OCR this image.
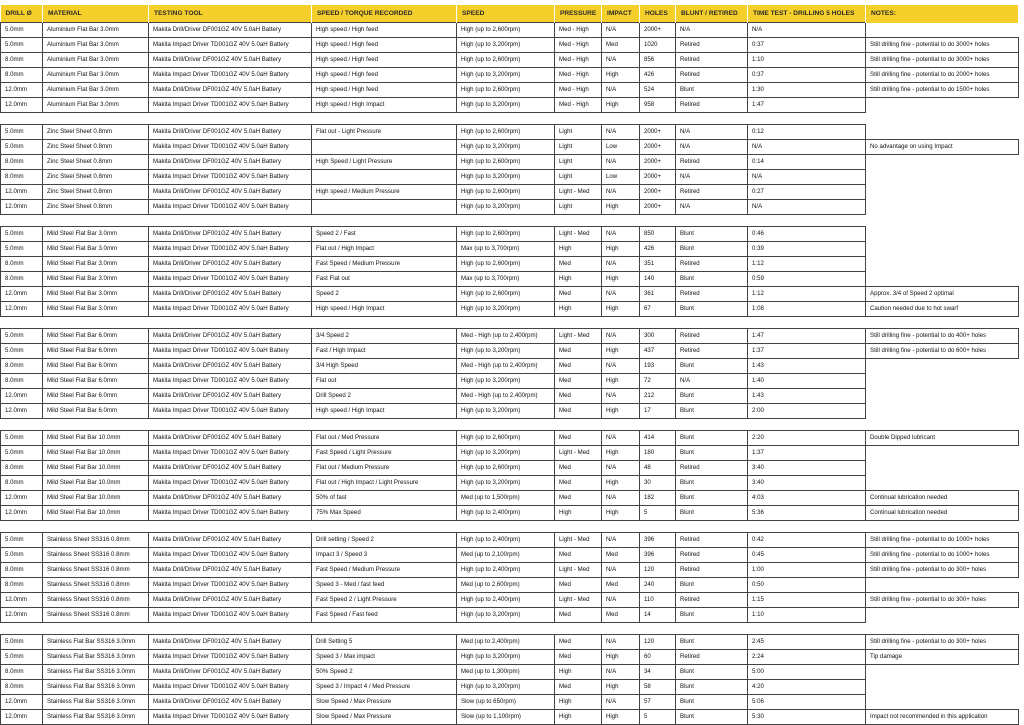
DRILL Ø	MATERIAL	TESTING TOOL	SPEED / TORQUE RECORDED	SPEED	PRESSURE	IMPACT	HOLES	BLUNT / RETIRED	TIME TEST - DRILLING 5 HOLES	NOTES:
5.0mm	Aluminium Flat Bar 3.0mm	Makita Drill/Driver DF001GZ 40V 5.0aH Battery	High speed / High feed	High (up to 2,600rpm)	Med - High	N/A	2000+	N/A	N/A	
5.0mm	Aluminium Flat Bar 3.0mm	Makita Impact Driver TD001GZ 40V 5.0aH Battery	High speed / High feed	High (up to 3,200rpm)	Med - High	Med	1020	Retired	0:37	Still drilling fine - potential to do 3000+ holes
8.0mm	Aluminium Flat Bar 3.0mm	Makita Drill/Driver DF001GZ 40V 5.0aH Battery	High speed / High feed	High (up to 2,600rpm)	Med - High	N/A	856	Retired	1:10	Still drilling fine - potential to do 3000+ holes
8.0mm	Aluminium Flat Bar 3.0mm	Makita Impact Driver TD001GZ 40V 5.0aH Battery	High speed / High feed	High (up to 3,200rpm)	Med - High	High	426	Retired	0:37	Still drilling fine - potential to do 2000+ holes
12.0mm	Aluminium Flat Bar 3.0mm	Makita Drill/Driver DF001GZ 40V 5.0aH Battery	High speed / High feed	High (up to 2,600rpm)	Med - High	N/A	524	Blunt	1:30	Still drilling fine - potential to do 1500+ holes
12.0mm	Aluminium Flat Bar 3.0mm	Makita Impact Driver TD001GZ 40V 5.0aH Battery	High speed / High Impact	High (up to 3,200rpm)	Med - High	High	958	Retired	1:47	

5.0mm	Zinc Steel Sheet 0.8mm	Makita Drill/Driver DF001GZ 40V 5.0aH Battery	Flat out - Light Pressure	High (up to 2,600rpm)	Light	N/A	2000+	N/A	0:12	
5.0mm	Zinc Steel Sheet 0.8mm	Makita Impact Driver TD001GZ 40V 5.0aH Battery		High (up to 3,200rpm)	Light	Low	2000+	N/A	N/A	No advantage on using Impact
8.0mm	Zinc Steel Sheet 0.8mm	Makita Drill/Driver DF001GZ 40V 5.0aH Battery	High Speed / Light Pressure	High (up to 2,600rpm)	Light	N/A	2000+	Retired	0:14	
8.0mm	Zinc Steel Sheet 0.8mm	Makita Impact Driver TD001GZ 40V 5.0aH Battery		High (up to 3,200rpm)	Light	Low	2000+	N/A	N/A	
12.0mm	Zinc Steel Sheet 0.8mm	Makita Drill/Driver DF001GZ 40V 5.0aH Battery	High speed / Medium Pressure	High (up to 2,600rpm)	Light - Med	N/A	2000+	Retired	0:27	
12.0mm	Zinc Steel Sheet 0.8mm	Makita Impact Driver TD001GZ 40V 5.0aH Battery		High (up to 3,200rpm)	Light	High	2000+	N/A	N/A	

5.0mm	Mild Steel Flat Bar 3.0mm	Makita Drill/Driver DF001GZ 40V 5.0aH Battery	Speed 2 / Fast	High (up to 2,600rpm)	Light - Med	N/A	850	Blunt	0:46	
5.0mm	Mild Steel Flat Bar 3.0mm	Makita Impact Driver TD001GZ 40V 5.0aH Battery	Flat out / High Impact	Max (up to 3,700rpm)	High	High	426	Blunt	0:39	
8.0mm	Mild Steel Flat Bar 3.0mm	Makita Drill/Driver DF001GZ 40V 5.0aH Battery	Fast Speed / Medium Pressure	High (up to 2,600rpm)	Med	N/A	351	Retired	1:12	
8.0mm	Mild Steel Flat Bar 3.0mm	Makita Impact Driver TD001GZ 40V 5.0aH Battery	Fast Flat out	Max (up to 3,700rpm)	High	High	140	Blunt	0:59	
12.0mm	Mild Steel Flat Bar 3.0mm	Makita Drill/Driver DF001GZ 40V 5.0aH Battery	Speed 2	High (up to 2,600rpm)	Med	N/A	361	Retired	1:12	Approx. 3/4 of Speed 2 optimal
12.0mm	Mild Steel Flat Bar 3.0mm	Makita Impact Driver TD001GZ 40V 5.0aH Battery	High speed / High Impact	High (up to 3,200rpm)	High	High	67	Blunt	1:08	Caution needed due to hot swarf

5.0mm	Mild Steel Flat Bar 6.0mm	Makita Drill/Driver DF001GZ 40V 5.0aH Battery	3/4 Speed 2	Med - High (up to 2,400rpm)	Light - Med	N/A	300	Retired	1:47	Still drilling fine - potential to do 400+ holes
5.0mm	Mild Steel Flat Bar 6.0mm	Makita Impact Driver TD001GZ 40V 5.0aH Battery	Fast / High Impact	High (up to 3,200rpm)	Med	High	437	Retired	1:37	Still drilling fine - potential to do 600+ holes
8.0mm	Mild Steel Flat Bar 6.0mm	Makita Drill/Driver DF001GZ 40V 5.0aH Battery	3/4 High Speed	Med - High (up to 2,400rpm)	Med	N/A	193	Blunt	1:43	
8.0mm	Mild Steel Flat Bar 6.0mm	Makita Impact Driver TD001GZ 40V 5.0aH Battery	Flat out	High (up to 3,200rpm)	Med	High	72	N/A	1:40	
12.0mm	Mild Steel Flat Bar 6.0mm	Makita Drill/Driver DF001GZ 40V 5.0aH Battery	Drill Speed 2	Med - High (up to 2,400rpm)	Med	N/A	212	Blunt	1:43	
12.0mm	Mild Steel Flat Bar 6.0mm	Makita Impact Driver TD001GZ 40V 5.0aH Battery	High speed / High Impact	High (up to 3,200rpm)	Med	High	17	Blunt	2:00	

5.0mm	Mild Steel Flat Bar 10.0mm	Makita Drill/Driver DF001GZ 40V 5.0aH Battery	Flat out / Med Pressure	High (up to 2,600rpm)	Med	N/A	414	Blunt	2:20	Double Dipped lubricant
5.0mm	Mild Steel Flat Bar 10.0mm	Makita Impact Driver TD001GZ 40V 5.0aH Battery	Fast Speed / Light Pressure	High (up to 3,200rpm)	Light - Med	High	180	Blunt	1:37	
8.0mm	Mild Steel Flat Bar 10.0mm	Makita Drill/Driver DF001GZ 40V 5.0aH Battery	Flat out / Medium Pressure	High (up to 2,600rpm)	Med	N/A	48	Retired	3:40	
8.0mm	Mild Steel Flat Bar 10.0mm	Makita Impact Driver TD001GZ 40V 5.0aH Battery	Flat out / High Impact / Light Pressure	High (up to 3,200rpm)	Med	High	30	Blunt	3:40	
12.0mm	Mild Steel Flat Bar 10.0mm	Makita Drill/Driver DF001GZ 40V 5.0aH Battery	50% of fast	Med (up to 1,500rpm)	Med	N/A	182	Blunt	4:03	Continual lubrication needed
12.0mm	Mild Steel Flat Bar 10.0mm	Makita Impact Driver TD001GZ 40V 5.0aH Battery	75% Max Speed	High (up to 2,400rpm)	High	High	5	Blunt	5:36	Continual lubrication needed

5.0mm	Stainless Sheet SS316 0.8mm	Makita Drill/Driver DF001GZ 40V 5.0aH Battery	Drill setting / Speed 2	High (up to 2,400rpm)	Light - Med	N/A	396	Retired	0:42	Still drilling fine - potential to do 1000+ holes
5.0mm	Stainless Sheet SS316 0.8mm	Makita Impact Driver TD001GZ 40V 5.0aH Battery	Impact 3 / Speed 3	Med (up to 2,100rpm)	Med	Med	396	Retired	0:45	Still drilling fine - potential to do 1000+ holes
8.0mm	Stainless Sheet SS316 0.8mm	Makita Drill/Driver DF001GZ 40V 5.0aH Battery	Fast Speed / Medium Pressure	High (up to 2,400rpm)	Light - Med	N/A	120	Retired	1:00	Still drilling fine - potential to do 300+ holes
8.0mm	Stainless Sheet SS316 0.8mm	Makita Impact Driver TD001GZ 40V 5.0aH Battery	Speed 3 - Med / fast feed	Med (up to 2,600rpm)	Med	Med	240	Blunt	0:50	
12.0mm	Stainless Sheet SS316 0.8mm	Makita Drill/Driver DF001GZ 40V 5.0aH Battery	Fast Speed 2 / Light Pressure	High (up to 2,400rpm)	Light - Med	N/A	110	Retired	1:15	Still drilling fine - potential to do 300+ holes
12.0mm	Stainless Sheet SS316 0.8mm	Makita Impact Driver TD001GZ 40V 5.0aH Battery	Fast Speed / Fast feed	High (up to 3,200rpm)	Med	Med	14	Blunt	1:10	

5.0mm	Stainless Flat Bar SS316 3.0mm	Makita Drill/Driver DF001GZ 40V 5.0aH Battery	Drill Setting 5	Med (up to 2,400rpm)	Med	N/A	120	Blunt	2:45	Still drilling fine - potential to do 300+ holes
5.0mm	Stainless Flat Bar SS316 3.0mm	Makita Impact Driver TD001GZ 40V 5.0aH Battery	Speed 3 / Max impact	High (up to 3,200rpm)	Med	High	60	Retired	2:24	Tip damage
8.0mm	Stainless Flat Bar SS316 3.0mm	Makita Drill/Driver DF001GZ 40V 5.0aH Battery	50% Speed 2	Med (up to 1,300rpm)	High	N/A	34	Blunt	5:00	
8.0mm	Stainless Flat Bar SS316 3.0mm	Makita Impact Driver TD001GZ 40V 5.0aH Battery	Speed 3 / Impact 4 / Med Pressure	High (up to 3,200rpm)	Med	High	58	Blunt	4:20	
12.0mm	Stainless Flat Bar SS316 3.0mm	Makita Drill/Driver DF001GZ 40V 5.0aH Battery	Slow Speed / Max Pressure	Slow (up to 650rpm)	High	N/A	57	Blunt	5:06	
12.0mm	Stainless Flat Bar SS316 3.0mm	Makita Impact Driver TD001GZ 40V 5.0aH Battery	Slow Speed / Max Pressure	Slow (up to 1,100rpm)	High	High	5	Blunt	5:30	Impact not recommended in this application
